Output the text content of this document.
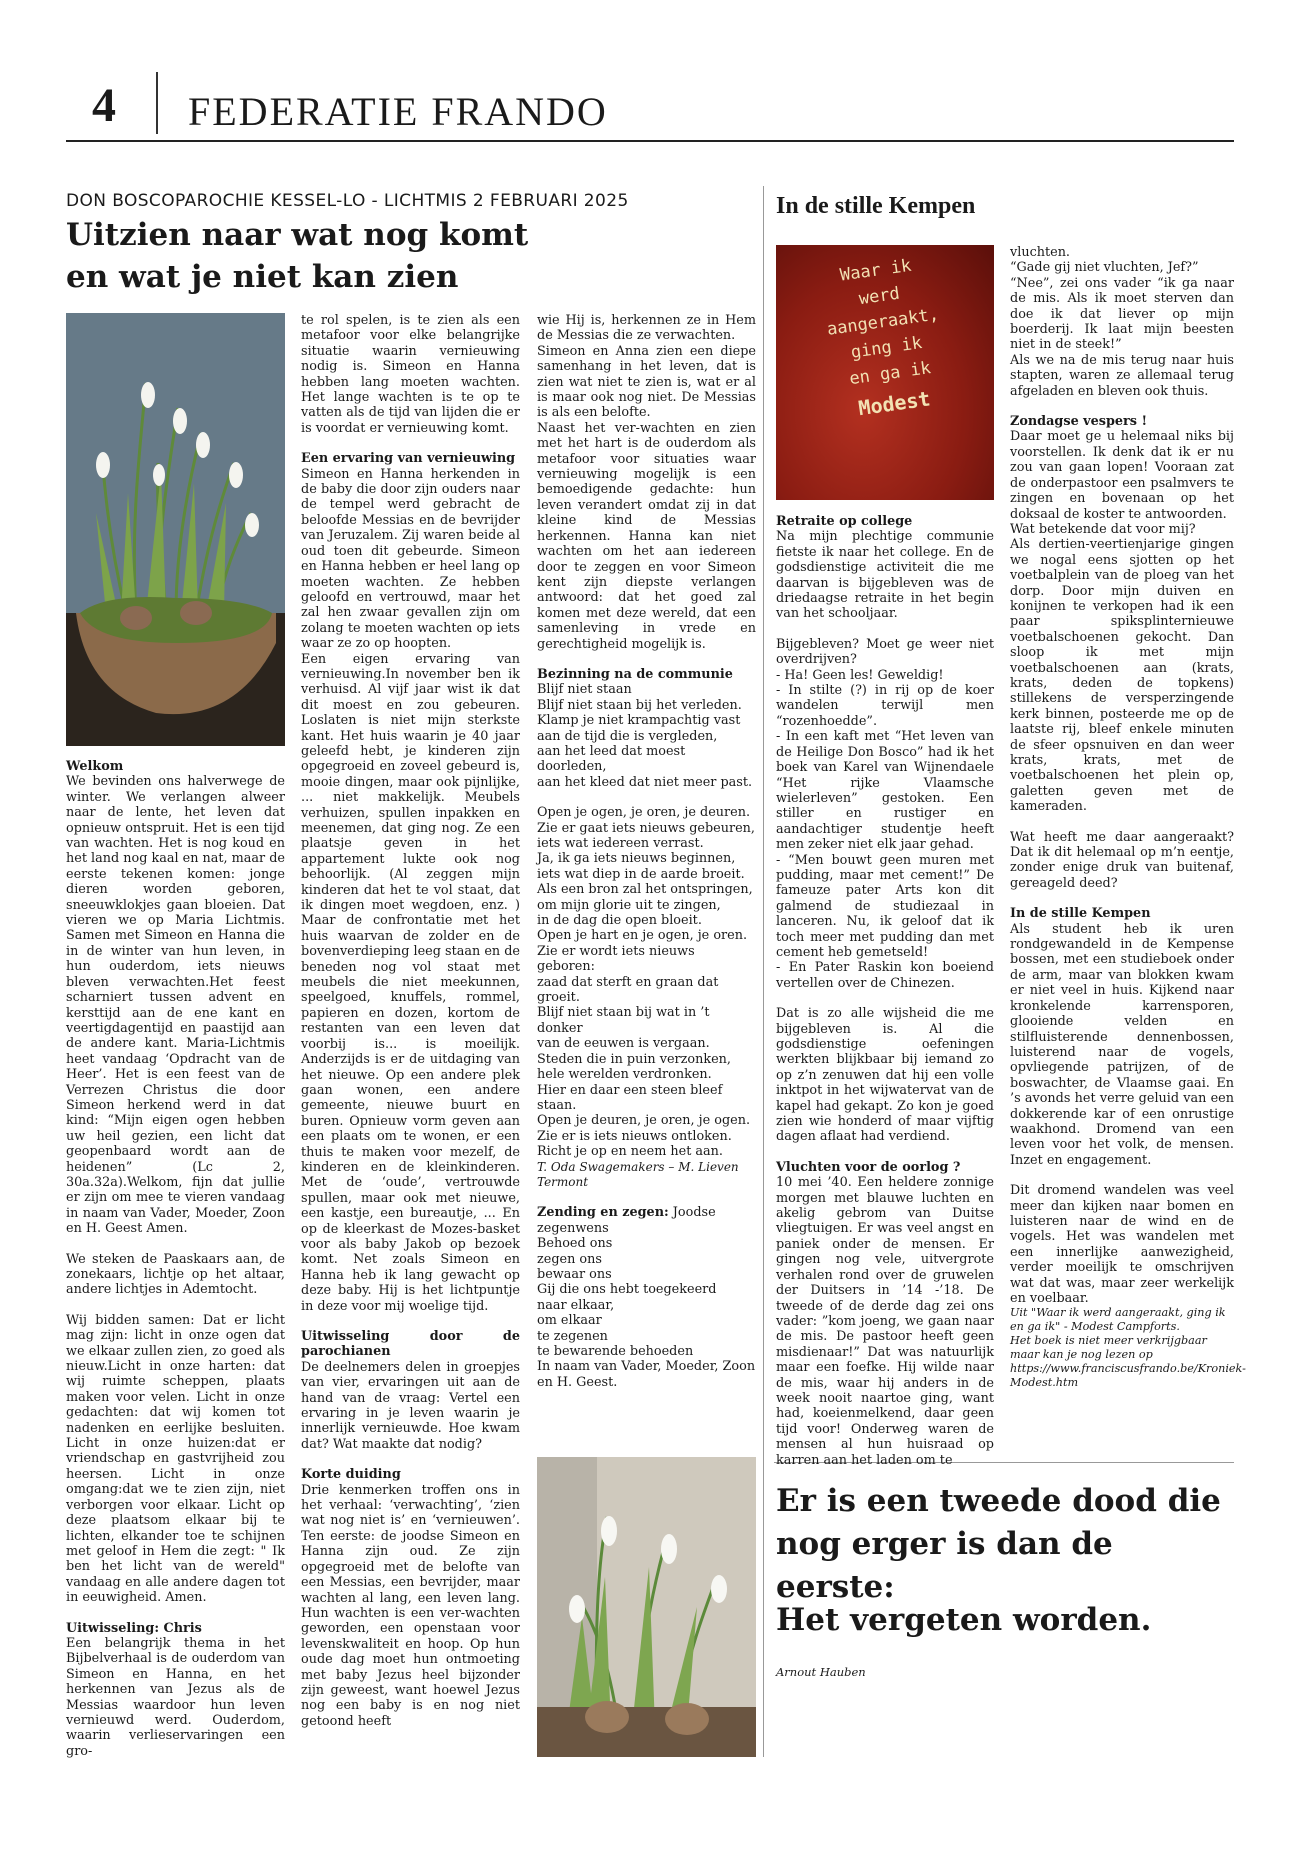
4 FEDERATIE FRANDO
DON BOSCOPAROCHIE KESSEL-LO - LICHTMIS 2 FEBRUARI 2025
Uitzien naar wat nog komt
en wat je niet kan zien
Welkom

We bevinden ons halverwege de winter. We verlangen alweer naar de lente, het leven dat opnieuw ontspruit. Het is een tijd van wachten. Het is nog koud en het land nog kaal en nat, maar de eerste tekenen komen: jonge dieren worden geboren, sneeuwklokjes gaan bloeien. Dat vieren we op Maria Lichtmis. Samen met Simeon en Hanna die in de winter van hun leven, in hun ouderdom, iets nieuws bleven verwachten.Het feest scharniert tussen advent en kersttijd aan de ene kant en veertigdagentijd en paastijd aan de andere kant. Maria-Lichtmis heet vandaag ‘Opdracht van de Heer’. Het is een feest van de Verrezen Christus die door Simeon herkend werd in dat kind: “Mijn eigen ogen hebben uw heil gezien, een licht dat geopenbaard wordt aan de heidenen” (Lc 2, 30a.32a).Welkom, fijn dat jullie er zijn om mee te vieren vandaag in naam van Vader, Moeder, Zoon en H. Geest Amen.

We steken de Paaskaars aan, de zonekaars, lichtje op het altaar, andere lichtjes in Ademtocht.

Wij bidden samen: Dat er licht mag zijn: licht in onze ogen dat we elkaar zullen zien, zo goed als nieuw.Licht in onze harten: dat wij ruimte scheppen, plaats maken voor velen. Licht in onze gedachten: dat wij komen tot nadenken en eerlijke besluiten. Licht in onze huizen:dat er vriendschap en gastvrijheid zou heersen. Licht in onze omgang:dat we te zien zijn, niet verborgen voor elkaar. Licht op deze plaatsom elkaar bij te lichten, elkander toe te schijnen met geloof in Hem die zegt: " Ik ben het licht van de wereld" vandaag en alle andere dagen tot in eeuwigheid. Amen.

Uitwisseling: Chris

Een belangrijk thema in het Bijbelverhaal is de ouderdom van Simeon en Hanna, en het herkennen van Jezus als de Messias waardoor hun leven vernieuwd werd. Ouderdom, waarin verlieservaringen een gro-

te rol spelen, is te zien als een metafoor voor elke belangrijke situatie waarin vernieuwing nodig is. Simeon en Hanna hebben lang moeten wachten. Het lange wachten is te op te vatten als de tijd van lijden die er is voordat er vernieuwing komt.

Een ervaring van vernieuwing

Simeon en Hanna herkenden in de baby die door zijn ouders naar de tempel werd gebracht de beloofde Messias en de bevrijder van Jeruzalem. Zij waren beide al oud toen dit gebeurde. Simeon en Hanna hebben er heel lang op moeten wachten. Ze hebben geloofd en vertrouwd, maar het zal hen zwaar gevallen zijn om zolang te moeten wachten op iets waar ze zo op hoopten.

Een eigen ervaring van vernieuwing.In november ben ik verhuisd. Al vijf jaar wist ik dat dit moest en zou gebeuren. Loslaten is niet mijn sterkste kant. Het huis waarin je 40 jaar geleefd hebt, je kinderen zijn opgegroeid en zoveel gebeurd is, mooie dingen, maar ook pijnlijke, ... niet makkelijk. Meubels verhuizen, spullen inpakken en meenemen, dat ging nog. Ze een plaatsje geven in het appartement lukte ook nog behoorlijk. (Al zeggen mijn kinderen dat het te vol staat, dat ik dingen moet wegdoen, enz. ) Maar de confrontatie met het huis waarvan de zolder en de bovenverdieping leeg staan en de beneden nog vol staat met meubels die niet meekunnen, speelgoed, knuffels, rommel, papieren en dozen, kortom de restanten van een leven dat voorbij is... is moeilijk. Anderzijds is er de uitdaging van het nieuwe. Op een andere plek gaan wonen, een andere gemeente, nieuwe buurt en buren. Opnieuw vorm geven aan een plaats om te wonen, er een thuis te maken voor mezelf, de kinderen en de kleinkinderen. Met de ‘oude’, vertrouwde spullen, maar ook met nieuwe, een kastje, een bureautje, ... En op de kleerkast de Mozes-basket voor als baby Jakob op bezoek komt. Net zoals Simeon en Hanna heb ik lang gewacht op deze baby. Hij is het lichtpuntje in deze voor mij woelige tijd.

Uitwisseling door de parochianen

De deelnemers delen in groepjes van vier, ervaringen uit aan de hand van de vraag: Vertel een ervaring in je leven waarin je innerlijk vernieuwde. Hoe kwam dat? Wat maakte dat nodig?

Korte duiding

Drie kenmerken troffen ons in het verhaal: ‘verwachting’, ‘zien wat nog niet is’ en ‘vernieuwen’. Ten eerste: de joodse Simeon en Hanna zijn oud. Ze zijn opgegroeid met de belofte van een Messias, een bevrijder, maar wachten al lang, een leven lang. Hun wachten is een ver-wachten geworden, een openstaan voor levenskwaliteit en hoop. Op hun oude dag moet hun ontmoeting met baby Jezus heel bijzonder zijn geweest, want hoewel Jezus nog een baby is en nog niet getoond heeft

wie Hij is, herkennen ze in Hem de Messias die ze verwachten.

Simeon en Anna zien een diepe samenhang in het leven, dat is zien wat niet te zien is, wat er al is maar ook nog niet. De Messias is als een belofte.

Naast het ver-wachten en zien met het hart is de ouderdom als metafoor voor situaties waar vernieuwing mogelijk is een bemoedigende gedachte: hun leven verandert omdat zij in dat kleine kind de Messias herkennen. Hanna kan niet wachten om het aan iedereen door te zeggen en voor Simeon kent zijn diepste verlangen antwoord: dat het goed zal komen met deze wereld, dat een samenleving in vrede en gerechtigheid mogelijk is.

Bezinning na de communie

Blijf niet staan

Blijf niet staan bij het verleden.

Klamp je niet krampachtig vast

aan de tijd die is vergleden,

aan het leed dat moest doorleden,

aan het kleed dat niet meer past.

Open je ogen, je oren, je deuren.

Zie er gaat iets nieuws gebeuren,

iets wat iedereen verrast.

Ja, ik ga iets nieuws beginnen,

iets wat diep in de aarde broeit.

Als een bron zal het ontspringen,

om mijn glorie uit te zingen,

in de dag die open bloeit.

Open je hart en je ogen, je oren.

Zie er wordt iets nieuws geboren:

zaad dat sterft en graan dat groeit.

Blijf niet staan bij wat in ’t donker

van de eeuwen is vergaan.

Steden die in puin verzonken,

hele werelden verdronken.

Hier en daar een steen bleef staan.

Open je deuren, je oren, je ogen.

Zie er is iets nieuws ontloken.

Richt je op en neem het aan.

T. Oda Swagemakers – M. Lieven Termont

Zending en zegen: Joodse zegenwens

Behoed ons

zegen ons

bewaar ons

Gij die ons hebt toegekeerd

naar elkaar,

om elkaar

te zegenen

te bewarende behoeden

In naam van Vader, Moeder, Zoon en H. Geest.

In de stille Kempen
Waar ik
werd
aangeraakt,
ging ik
en ga ik
Modest
Retraite op college

Na mijn plechtige communie fietste ik naar het college. En de godsdienstige activiteit die me daarvan is bijgebleven was de driedaagse retraite in het begin van het schooljaar.

Bijgebleven? Moet ge weer niet overdrijven?

- Ha! Geen les! Geweldig!

- In stilte (?) in rij op de koer wandelen terwijl men “rozenhoedde”.

- In een kaft met “Het leven van de Heilige Don Bosco” had ik het boek van Karel van Wijnendaele “Het rijke Vlaamsche wielerleven” gestoken. Een stiller en rustiger en aandachtiger studentje heeft men zeker niet elk jaar gehad.

- “Men bouwt geen muren met pudding, maar met cement!” De fameuze pater Arts kon dit galmend de studiezaal in lanceren. Nu, ik geloof dat ik toch meer met pudding dan met cement heb gemetseld!

- En Pater Raskin kon boeiend vertellen over de Chinezen.

Dat is zo alle wijsheid die me bijgebleven is. Al die godsdienstige oefeningen werkten blijkbaar bij iemand zo op z’n zenuwen dat hij een volle inktpot in het wijwatervat van de kapel had gekapt. Zo kon je goed zien wie honderd of maar vijftig dagen aflaat had verdiend.

Vluchten voor de oorlog ?

10 mei ’40. Een heldere zonnige morgen met blauwe luchten en akelig gebrom van Duitse vliegtuigen. Er was veel angst en paniek onder de mensen. Er gingen nog vele, uitvergrote verhalen rond over de gruwelen der Duitsers in ’14 -’18. De tweede of de derde dag zei ons vader: ”kom joeng, we gaan naar de mis. De pastoor heeft geen misdienaar!” Dat was natuurlijk maar een foefke. Hij wilde naar de mis, waar hij anders in de week nooit naartoe ging, want had, koeienmelkend, daar geen tijd voor! Onderweg waren de mensen al hun huisraad op karren aan het laden om te

vluchten.

“Gade gij niet vluchten, Jef?”

“Nee”, zei ons vader “ik ga naar de mis. Als ik moet sterven dan doe ik dat liever op mijn boerderij. Ik laat mijn beesten niet in de steek!”

Als we na de mis terug naar huis stapten, waren ze allemaal terug afgeladen en bleven ook thuis.

Zondagse vespers !

Daar moet ge u helemaal niks bij voorstellen. Ik denk dat ik er nu zou van gaan lopen! Vooraan zat de onderpastoor een psalmvers te zingen en bovenaan op het doksaal de koster te antwoorden.

Wat betekende dat voor mij?

Als dertien-veertienjarige gingen we nogal eens sjotten op het voetbalplein van de ploeg van het dorp. Door mijn duiven en konijnen te verkopen had ik een paar spiksplinternieuwe voetbalschoenen gekocht. Dan sloop ik met mijn voetbalschoenen aan (krats, krats, deden de topkens) stillekens de versperzingende kerk binnen, posteerde me op de laatste rij, bleef enkele minuten de sfeer opsnuiven en dan weer krats, krats, met de voetbalschoenen het plein op, galetten geven met de kameraden.

Wat heeft me daar aangeraakt? Dat ik dit helemaal op m’n eentje, zonder enige druk van buitenaf, gereageld deed?

In de stille Kempen

Als student heb ik uren rondgewandeld in de Kempense bossen, met een studieboek onder de arm, maar van blokken kwam er niet veel in huis. Kijkend naar kronkelende karrensporen, glooiende velden en stilfluisterende dennenbossen, luisterend naar de vogels, opvliegende patrijzen, of de boswachter, de Vlaamse gaai. En ’s avonds het verre geluid van een dokkerende kar of een onrustige waakhond. Dromend van een leven voor het volk, de mensen. Inzet en engagement.

Dit dromend wandelen was veel meer dan kijken naar bomen en luisteren naar de wind en de vogels. Het was wandelen met een innerlijke aanwezigheid, verder moeilijk te omschrijven wat dat was, maar zeer werkelijk en voelbaar.

Uit "Waar ik werd aangeraakt, ging ik en ga ik" - Modest Campforts.

Het boek is niet meer verkrijgbaar maar kan je nog lezen op https://www.franciscusfrando.be/Kroniek-Modest.htm

Er is een tweede dood die
nog erger is dan de eerste:
Het vergeten worden.
Arnout Hauben
